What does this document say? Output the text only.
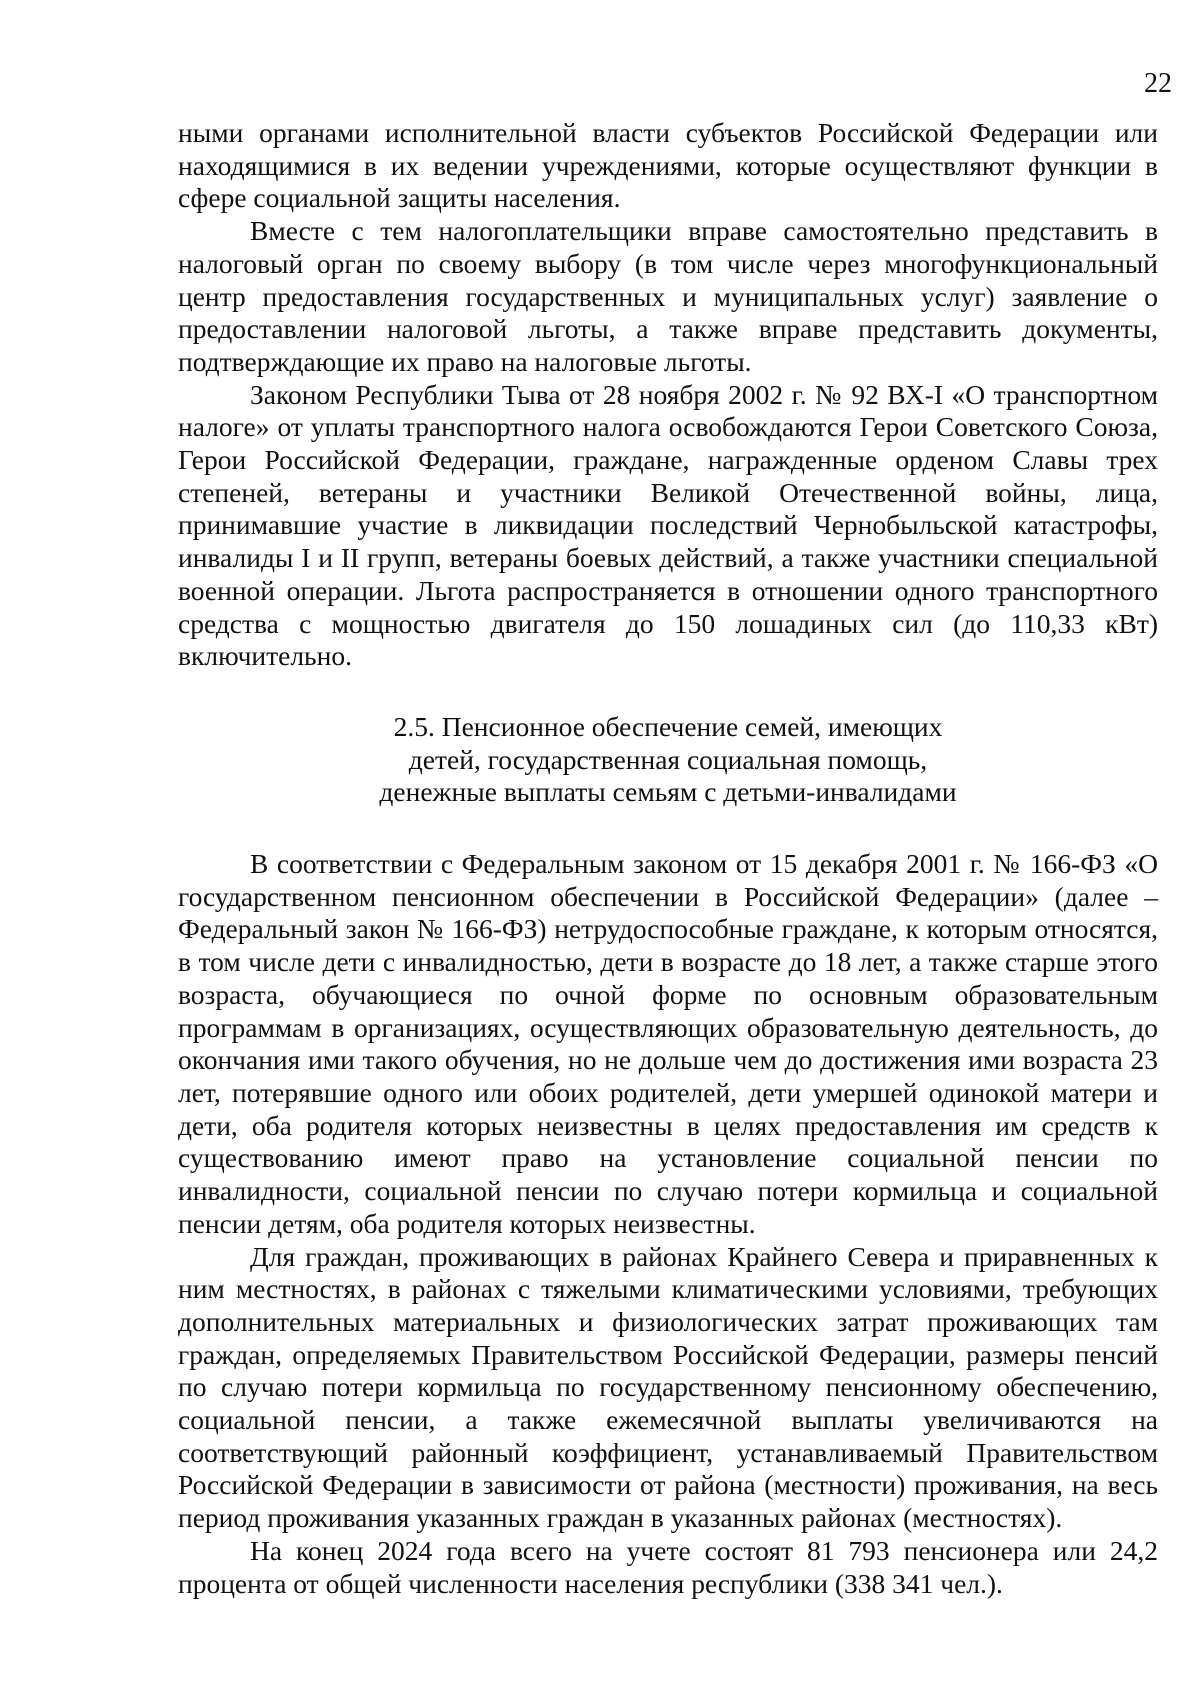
22

ными органами исполнительной власти субъектов Российской Федерации или находящимися в их ведении учреждениями, которые осуществляют функции в сфере социальной защиты населения.

Вместе с тем налогоплательщики вправе самостоятельно представить в налоговый орган по своему выбору (в том числе через многофункциональный центр предоставления государственных и муниципальных услуг) заявление о предоставлении налоговой льготы, а также вправе представить документы, подтверждающие их право на налоговые льготы.

Законом Республики Тыва от 28 ноября 2002 г. № 92 ВХ-I «О транспортном налоге» от уплаты транспортного налога освобождаются Герои Советского Союза, Герои Российской Федерации, граждане, награжденные орденом Славы трех степеней, ветераны и участники Великой Отечественной войны, лица, принимавшие участие в ликвидации последствий Чернобыльской катастрофы, инвалиды I и II групп, ветераны боевых действий, а также участники специальной военной операции. Льгота распространяется в отношении одного транспортного средства с мощностью двигателя до 150 лошадиных сил (до 110,33 кВт) включительно.

2.5. Пенсионное обеспечение семей, имеющих
детей, государственная социальная помощь,
денежные выплаты семьям с детьми-инвалидами

В соответствии с Федеральным законом от 15 декабря 2001 г. № 166-ФЗ «О государственном пенсионном обеспечении в Российской Федерации» (далее – Федеральный закон № 166-ФЗ) нетрудоспособные граждане, к которым относятся, в том числе дети с инвалидностью, дети в возрасте до 18 лет, а также старше этого возраста, обучающиеся по очной форме по основным образовательным программам в организациях, осуществляющих образовательную деятельность, до окончания ими такого обучения, но не дольше чем до достижения ими возраста 23 лет, потерявшие одного или обоих родителей, дети умершей одинокой матери и дети, оба родителя которых неизвестны в целях предоставления им средств к существованию имеют право на установление социальной пенсии по инвалидности, социальной пенсии по случаю потери кормильца и социальной пенсии детям, оба родителя которых неизвестны.

Для граждан, проживающих в районах Крайнего Севера и приравненных к ним местностях, в районах с тяжелыми климатическими условиями, требующих дополнительных материальных и физиологических затрат проживающих там граждан, определяемых Правительством Российской Федерации, размеры пенсий по случаю потери кормильца по государственному пенсионному обеспечению, социальной пенсии, а также ежемесячной выплаты увеличиваются на соответствующий районный коэффициент, устанавливаемый Правительством Российской Федерации в зависимости от района (местности) проживания, на весь период проживания указанных граждан в указанных районах (местностях).

На конец 2024 года всего на учете состоят 81 793 пенсионера или 24,2 процента от общей численности населения республики (338 341 чел.).
